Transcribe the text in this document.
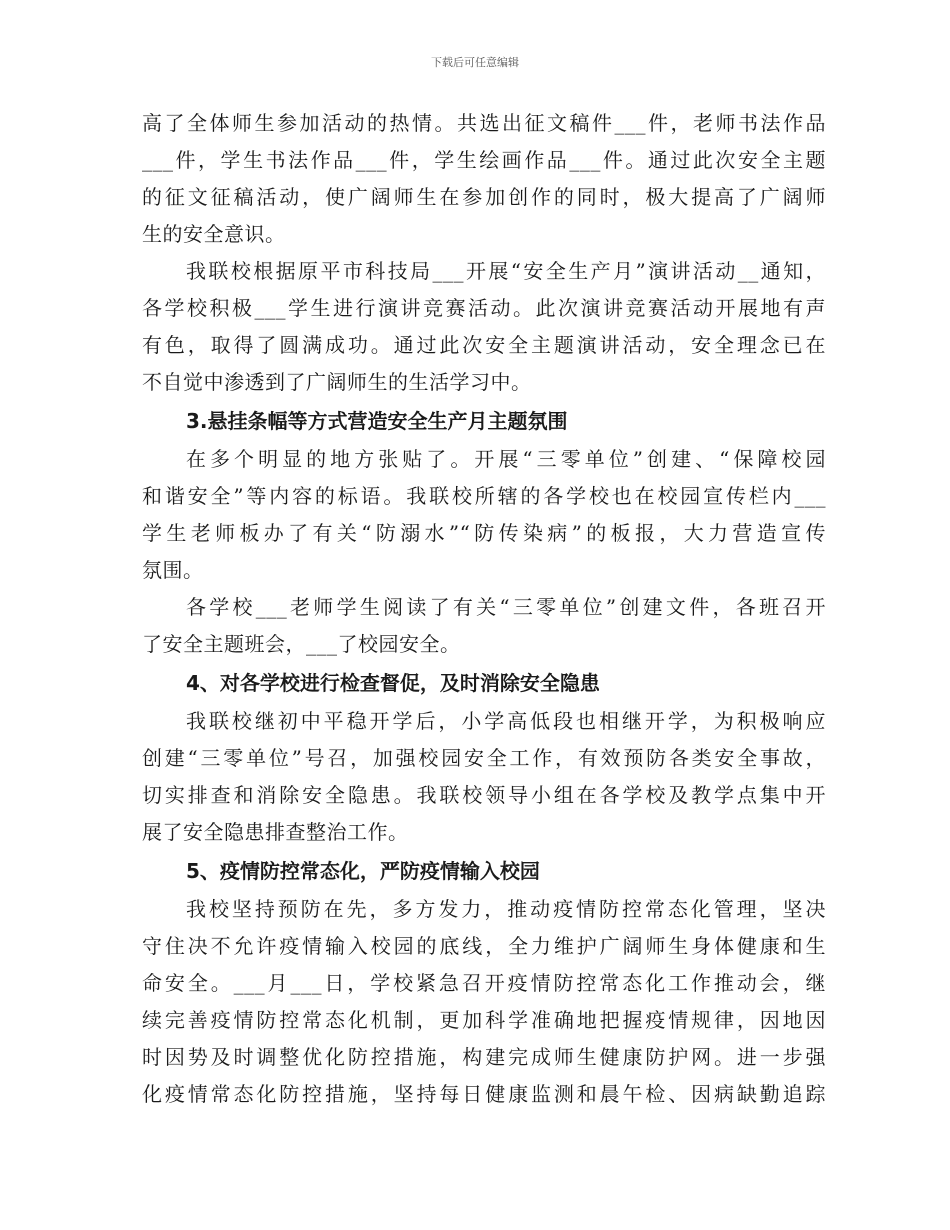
下载后可任意编辑
高了全体师生参加活动的热情。共选出征文稿件___件，老师书法作品
___件，学生书法作品___件，学生绘画作品___件。通过此次安全主题
的征文征稿活动，使广阔师生在参加创作的同时，极大提高了广阔师
生的安全意识。
我联校根据原平市科技局___开展“安全生产月”演讲活动__通知，
各学校积极___学生进行演讲竞赛活动。此次演讲竞赛活动开展地有声
有色，取得了圆满成功。通过此次安全主题演讲活动，安全理念已在
不自觉中渗透到了广阔师生的生活学习中。
3.悬挂条幅等方式营造安全生产月主题氛围
在多个明显的地方张贴了。开展“三零单位”创建、“保障校园
和谐安全”等内容的标语。我联校所辖的各学校也在校园宣传栏内___
学生老师板办了有关“防溺水”“防传染病”的板报，大力营造宣传
氛围。
各学校___老师学生阅读了有关“三零单位”创建文件，各班召开
了安全主题班会，___了校园安全。
4、对各学校进行检查督促，及时消除安全隐患
我联校继初中平稳开学后，小学高低段也相继开学，为积极响应
创建“三零单位”号召，加强校园安全工作，有效预防各类安全事故，
切实排查和消除安全隐患。我联校领导小组在各学校及教学点集中开
展了安全隐患排查整治工作。
5、疫情防控常态化，严防疫情输入校园
我校坚持预防在先，多方发力，推动疫情防控常态化管理，坚决
守住决不允许疫情输入校园的底线，全力维护广阔师生身体健康和生
命安全。___月___日，学校紧急召开疫情防控常态化工作推动会，继
续完善疫情防控常态化机制，更加科学准确地把握疫情规律，因地因
时因势及时调整优化防控措施，构建完成师生健康防护网。进一步强
化疫情常态化防控措施，坚持每日健康监测和晨午检、因病缺勤追踪
